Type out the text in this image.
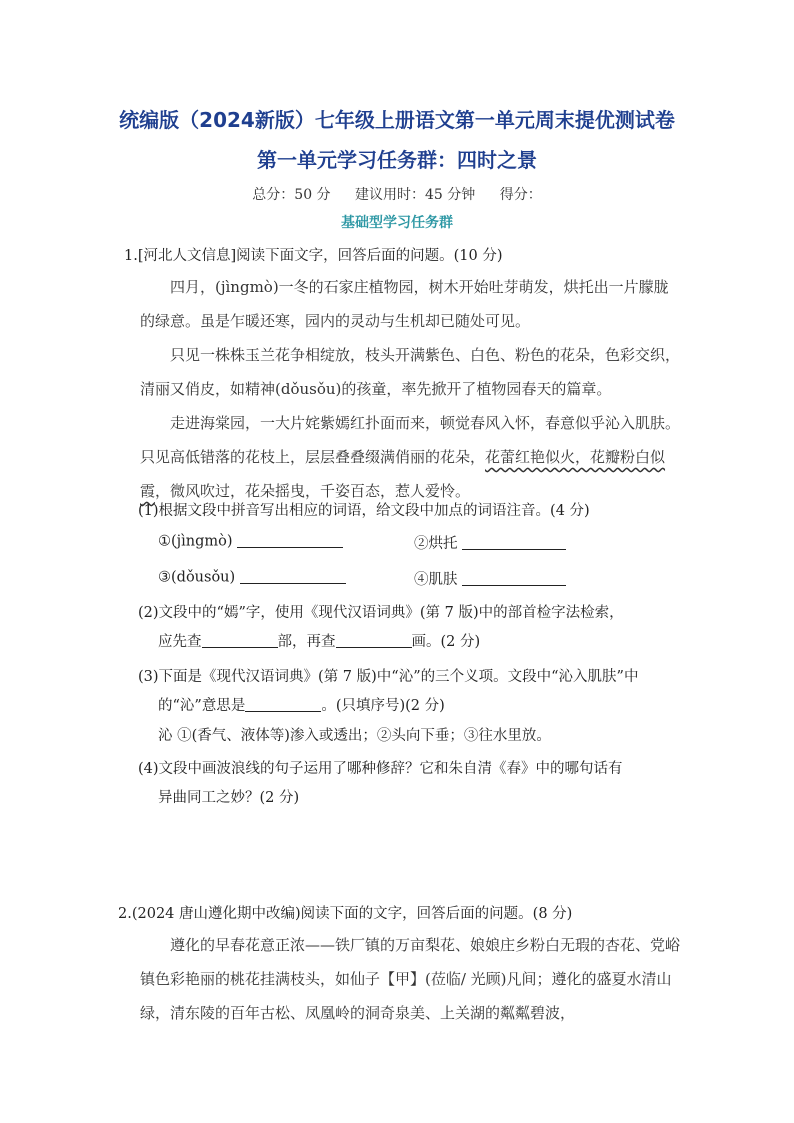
统编版（2024新版）七年级上册语文第一单元周末提优测试卷
第一单元学习任务群：四时之景
总分：50 分 建议用时：45 分钟 得分：
基础型学习任务群
1.[河北人文信息]阅读下面文字，回答后面的问题。(10 分)

四月，(jìngmò)一冬的石家庄植物园，树木开始吐芽萌发，烘托出一片朦胧的绿意。虽是乍暖还寒，园内的灵动与生机却已随处可见。

只见一株株玉兰花争相绽放，枝头开满紫色、白色、粉色的花朵，色彩交织，清丽又俏皮，如精神(dǒusǒu)的孩童，率先掀开了植物园春天的篇章。

走进海棠园，一大片姹紫嫣红扑面而来，顿觉春风入怀，春意似乎沁入肌肤。只见高低错落的花枝上，层层叠叠缀满俏丽的花朵，花蕾红艳似火，花瓣粉白似霞，微风吹过，花朵摇曳，千姿百态，惹人爱怜。

(1)根据文段中拼音写出相应的词语，给文段中加点的词语注音。(4 分)
①(jìngmò)	②烘托
③(dǒusǒu)	④肌肤
(2)文段中的“嫣”字，使用《现代汉语词典》(第 7 版)中的部首检字法检索，
应先查	部，再查	画。(2 分)
(3)下面是《现代汉语词典》(第 7 版)中“沁”的三个义项。文段中“沁入肌肤”中
的“沁”意思是	。(只填序号)(2 分)
沁 ①(香气、液体等)渗入或透出；②头向下垂；③往水里放。
(4)文段中画波浪线的句子运用了哪种修辞？它和朱自清《春》中的哪句话有
异曲同工之妙？(2 分)
2.(2024 唐山遵化期中改编)阅读下面的文字，回答后面的问题。(8 分)

遵化的早春花意正浓——铁厂镇的万亩梨花、娘娘庄乡粉白无瑕的杏花、党峪镇色彩艳丽的桃花挂满枝头，如仙子【甲】(莅临/ 光顾)凡间；遵化的盛夏水清山绿，清东陵的百年古松、凤凰岭的洞奇泉美、上关湖的粼粼碧波，
